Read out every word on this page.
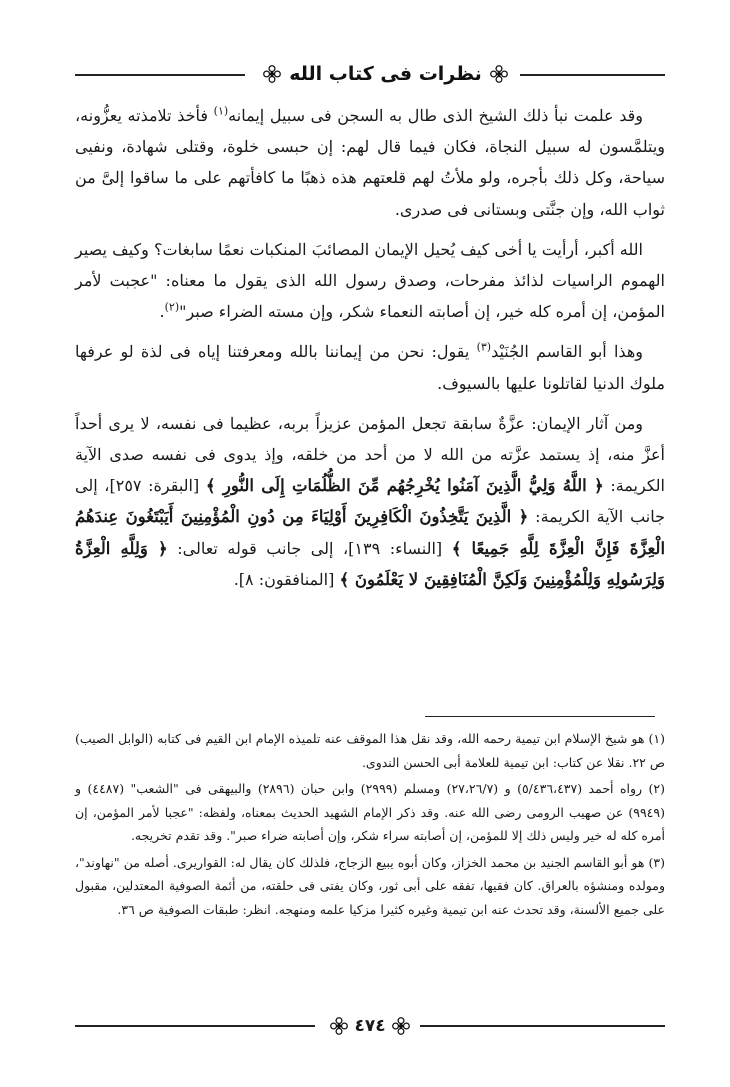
نظرات فى كتاب الله

وقد علمت نبأ ذلك الشيخ الذى طال به السجن فى سبيل إيمانه$^{(١)}$ فأخذ تلامذته يعزُّونه، ويتلمَّسون له سبيل النجاة، فكان فيما قال لهم: إن حبسى خلوة، وقتلى شهادة، ونفيى سياحة، وكل ذلك بأجره، ولو ملأتُ لهم قلعتهم هذه ذهبًا ما كافأتهم على ما ساقوا إلىَّ من ثواب الله، وإن جنَّتى وبستانى فى صدرى.

الله أكبر، أرأيت يا أخى كيف يُحيل الإيمان المصائبَ المنكبات نعمًا سابغات؟ وكيف يصير الهموم الراسيات لذائذ مفرحات، وصدق رسول الله الذى يقول ما معناه: "عجبت لأمر المؤمن، إن أمره كله خير، إن أصابته النعماء شكر، وإن مسته الضراء صبر"$^{(٢)}$.

وهذا أبو القاسم الجُنَيْد$^{(٣)}$ يقول: نحن من إيماننا بالله ومعرفتنا إياه فى لذة لو عرفها ملوك الدنيا لقاتلونا عليها بالسيوف.

ومن آثار الإيمان: عزَّةٌ سابقة تجعل المؤمن عزيزاً بربه، عظيما فى نفسه، لا يرى أحداً أعزَّ منه، إذ يستمد عزَّته من الله لا من أحد من خلقه، وإذ يدوى فى نفسه صدى الآية الكريمة: ﴿ اللَّهُ وَلِيُّ الَّذِينَ آمَنُوا يُخْرِجُهُم مِّنَ الظُّلُمَاتِ إِلَى النُّورِ ﴾ [البقرة: ٢٥٧]، إلى جانب الآية الكريمة: ﴿ الَّذِينَ يَتَّخِذُونَ الْكَافِرِينَ أَوْلِيَاءَ مِن دُونِ الْمُؤْمِنِينَ أَيَبْتَغُونَ عِندَهُمُ الْعِزَّةَ فَإِنَّ الْعِزَّةَ لِلَّهِ جَمِيعًا ﴾ [النساء: ١٣٩]، إلى جانب قوله تعالى: ﴿ وَلِلَّهِ الْعِزَّةُ وَلِرَسُولِهِ وَلِلْمُؤْمِنِينَ وَلَكِنَّ الْمُنَافِقِينَ لا يَعْلَمُونَ ﴾ [المنافقون: ٨].

(١) هو شيخ الإسلام ابن تيمية رحمه الله، وقد نقل هذا الموقف عنه تلميذه الإمام ابن القيم فى كتابه (الوابل الصيب) ص ٢٢. نقلا عن كتاب: ابن تيمية للعلامة أبى الحسن الندوى.

(٢) رواه أحمد (٥/٤٣٦،٤٣٧) و (٢٧،٢٦/٧) ومسلم (٢٩٩٩) وابن حبان (٢٨٩٦) والبيهقى فى "الشعب" (٤٤٨٧) و (٩٩٤٩) عن صهيب الرومى رضى الله عنه. وقد ذكر الإمام الشهيد الحديث بمعناه، ولفظه: "عجبا لأمر المؤمن، إن أمره كله له خير وليس ذلك إلا للمؤمن، إن أصابته سراء شكر، وإن أصابته ضراء صبر". وقد تقدم تخريجه.

(٣) هو أبو القاسم الجنيد بن محمد الخزاز، وكان أبوه يبيع الزجاج، فلذلك كان يقال له: القواريرى. أصله من "نهاوند"، ومولده ومنشؤه بالعراق. كان فقيها، تفقه على أبى ثور، وكان يفتى فى حلقته، من أئمة الصوفية المعتدلين، مقبول على جميع الألسنة، وقد تحدث عنه ابن تيمية وغيره كثيرا مزكيا علمه ومنهجه. انظر: طبقات الصوفية ص ٣٦.

٤٧٤
